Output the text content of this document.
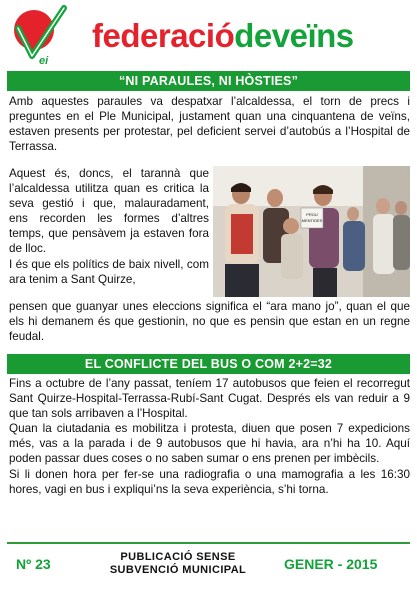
ei
federaciódeveïns
“NI PARAULES, NI HÒSTIES”

Amb aquestes paraules va despatxar l’alcaldessa, el torn de precs i preguntes en el Ple Municipal, justament quan una cinquantena de veïns, estaven presents per protestar, pel deficient servei d’autobús a l’Hospital de Terrassa.

Aquest és, doncs, el tarannà que l’alcaldessa utilitza quan es critica la seva gestió i que, malauradament, ens recorden les formes d’altres temps, que pensàvem ja estaven fora de lloc.

I és que els polítics de baix nivell, com ara tenim a Sant Quirze,

PROU
MENTIDES

pensen que guanyar unes eleccions significa el “ara mano jo”, quan el que els hi demanem és que gestionin, no que es pensin que estan en un regne feudal.

EL CONFLICTE DEL BUS O COM 2+2=32

Fins a octubre de l’any passat, teníem 17 autobusos que feien el recorregut Sant Quirze-Hospital-Terrassa-Rubí-Sant Cugat. Després els van reduir a 9 que tan sols arribaven a l’Hospital.

Quan la ciutadania es mobilitza i protesta, diuen que posen 7 expedicions més, vas a la parada i de 9 autobusos que hi havia, ara n’hi ha 10. Aquí poden passar dues coses o no saben sumar o ens prenen per imbècils.

Si li donen hora per fer-se una radiografia o una mamografia a les 16:30 hores, vagi en bus i expliqui’ns la seva experiència, s’hi torna.

Nº 23	PUBLICACIÓ SENSE
SUBVENCIÓ MUNICIPAL	GENER - 2015
